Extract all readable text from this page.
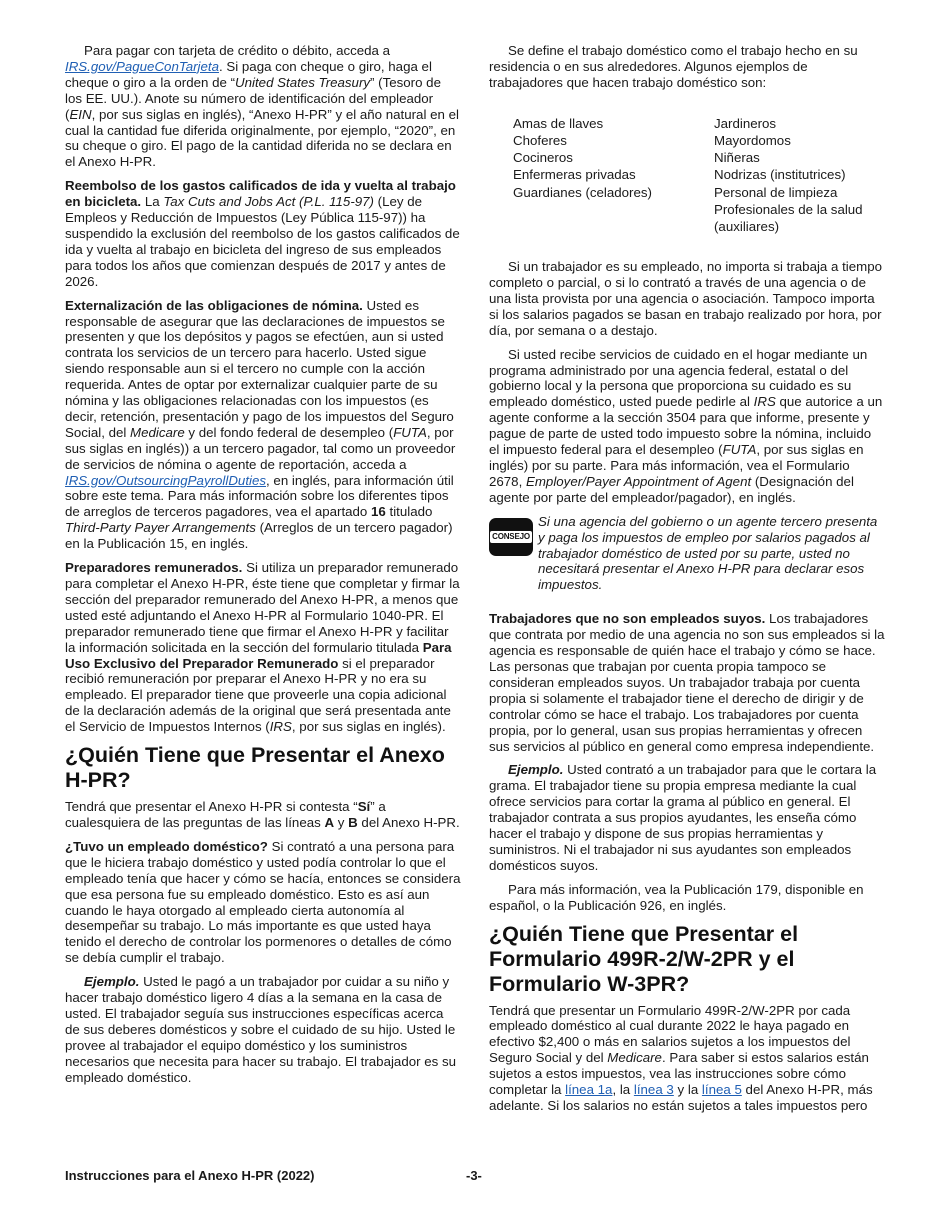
Para pagar con tarjeta de crédito o débito, acceda a IRS.gov/PagueConTarjeta. Si paga con cheque o giro, haga el cheque o giro a la orden de “United States Treasury” (Tesoro de los EE. UU.). Anote su número de identificación del empleador (EIN, por sus siglas en inglés), “Anexo H-PR” y el año natural en el cual la cantidad fue diferida originalmente, por ejemplo, “2020”, en su cheque o giro. El pago de la cantidad diferida no se declara en el Anexo H-PR.

Reembolso de los gastos calificados de ida y vuelta al trabajo en bicicleta. La Tax Cuts and Jobs Act (P.L. 115-97) (Ley de Empleos y Reducción de Impuestos (Ley Pública 115-97)) ha suspendido la exclusión del reembolso de los gastos calificados de ida y vuelta al trabajo en bicicleta del ingreso de sus empleados para todos los años que comienzan después de 2017 y antes de 2026.

Externalización de las obligaciones de nómina. Usted es responsable de asegurar que las declaraciones de impuestos se presenten y que los depósitos y pagos se efectúen, aun si usted contrata los servicios de un tercero para hacerlo. Usted sigue siendo responsable aun si el tercero no cumple con la acción requerida. Antes de optar por externalizar cualquier parte de su nómina y las obligaciones relacionadas con los impuestos (es decir, retención, presentación y pago de los impuestos del Seguro Social, del Medicare y del fondo federal de desempleo (FUTA, por sus siglas en inglés)) a un tercero pagador, tal como un proveedor de servicios de nómina o agente de reportación, acceda a IRS.gov/OutsourcingPayrollDuties, en inglés, para información útil sobre este tema. Para más información sobre los diferentes tipos de arreglos de terceros pagadores, vea el apartado 16 titulado Third-Party Payer Arrangements (Arreglos de un tercero pagador) en la Publicación 15, en inglés.

Preparadores remunerados. Si utiliza un preparador remunerado para completar el Anexo H-PR, éste tiene que completar y firmar la sección del preparador remunerado del Anexo H-PR, a menos que usted esté adjuntando el Anexo H-PR al Formulario 1040-PR. El preparador remunerado tiene que firmar el Anexo H-PR y facilitar la información solicitada en la sección del formulario titulada Para Uso Exclusivo del Preparador Remunerado si el preparador recibió remuneración por preparar el Anexo H-PR y no era su empleado. El preparador tiene que proveerle una copia adicional de la declaración además de la original que será presentada ante el Servicio de Impuestos Internos (IRS, por sus siglas en inglés).

¿Quién Tiene que Presentar el Anexo H-PR?

Tendrá que presentar el Anexo H-PR si contesta “Sí” a cualesquiera de las preguntas de las líneas A y B del Anexo H-PR.

¿Tuvo un empleado doméstico? Si contrató a una persona para que le hiciera trabajo doméstico y usted podía controlar lo que el empleado tenía que hacer y cómo se hacía, entonces se considera que esa persona fue su empleado doméstico. Esto es así aun cuando le haya otorgado al empleado cierta autonomía al desempeñar su trabajo. Lo más importante es que usted haya tenido el derecho de controlar los pormenores o detalles de cómo se debía cumplir el trabajo.

Ejemplo. Usted le pagó a un trabajador por cuidar a su niño y hacer trabajo doméstico ligero 4 días a la semana en la casa de usted. El trabajador seguía sus instrucciones específicas acerca de sus deberes domésticos y sobre el cuidado de su hijo. Usted le provee al trabajador el equipo doméstico y los suministros necesarios que necesita para hacer su trabajo. El trabajador es su empleado doméstico.

Se define el trabajo doméstico como el trabajo hecho en su residencia o en sus alrededores. Algunos ejemplos de trabajadores que hacen trabajo doméstico son:

Amas de llaves
Choferes
Cocineros
Enfermeras privadas
Guardianes (celadores)
Jardineros
Mayordomos
Niñeras
Nodrizas (institutrices)
Personal de limpieza
Profesionales de la salud
(auxiliares)

Si un trabajador es su empleado, no importa si trabaja a tiempo completo o parcial, o si lo contrató a través de una agencia o de una lista provista por una agencia o asociación. Tampoco importa si los salarios pagados se basan en trabajo realizado por hora, por día, por semana o a destajo.

Si usted recibe servicios de cuidado en el hogar mediante un programa administrado por una agencia federal, estatal o del gobierno local y la persona que proporciona su cuidado es su empleado doméstico, usted puede pedirle al IRS que autorice a un agente conforme a la sección 3504 para que informe, presente y pague de parte de usted todo impuesto sobre la nómina, incluido el impuesto federal para el desempleo (FUTA, por sus siglas en inglés) por su parte. Para más información, vea el Formulario 2678, Employer/Payer Appointment of Agent (Designación del agente por parte del empleador/pagador), en inglés.

CONSEJO

Si una agencia del gobierno o un agente tercero presenta y paga los impuestos de empleo por salarios pagados al trabajador doméstico de usted por su parte, usted no necesitará presentar el Anexo H-PR para declarar esos impuestos.

Trabajadores que no son empleados suyos. Los trabajadores que contrata por medio de una agencia no son sus empleados si la agencia es responsable de quién hace el trabajo y cómo se hace. Las personas que trabajan por cuenta propia tampoco se consideran empleados suyos. Un trabajador trabaja por cuenta propia si solamente el trabajador tiene el derecho de dirigir y de controlar cómo se hace el trabajo. Los trabajadores por cuenta propia, por lo general, usan sus propias herramientas y ofrecen sus servicios al público en general como empresa independiente.

Ejemplo. Usted contrató a un trabajador para que le cortara la grama. El trabajador tiene su propia empresa mediante la cual ofrece servicios para cortar la grama al público en general. El trabajador contrata a sus propios ayudantes, les enseña cómo hacer el trabajo y dispone de sus propias herramientas y suministros. Ni el trabajador ni sus ayudantes son empleados domésticos suyos.

Para más información, vea la Publicación 179, disponible en español, o la Publicación 926, en inglés.

¿Quién Tiene que Presentar el Formulario 499R-2/W-2PR y el Formulario W-3PR?

Tendrá que presentar un Formulario 499R-2/W-2PR por cada empleado doméstico al cual durante 2022 le haya pagado en efectivo $2,400 o más en salarios sujetos a los impuestos del Seguro Social y del Medicare. Para saber si estos salarios están sujetos a estos impuestos, vea las instrucciones sobre cómo completar la línea 1a, la línea 3 y la línea 5 del Anexo H-PR, más adelante. Si los salarios no están sujetos a tales impuestos pero

Instrucciones para el Anexo H-PR (2022)	-3-
